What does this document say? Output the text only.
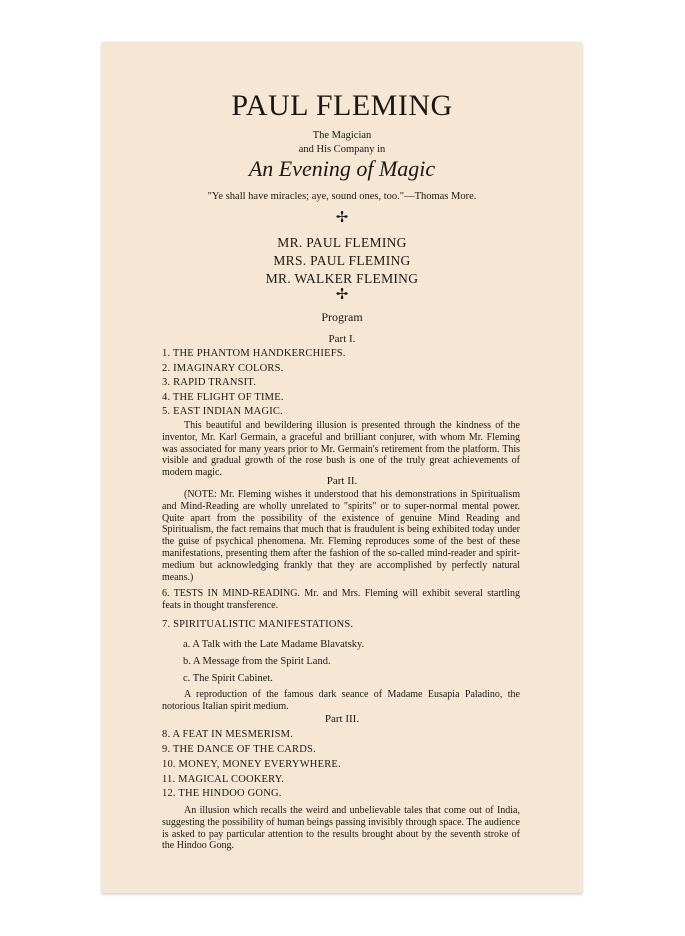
PAUL FLEMING
The Magician
and His Company in
An Evening of Magic
"Ye shall have miracles; aye, sound ones, too."—Thomas More.
✢
MR. PAUL FLEMING
MRS. PAUL FLEMING
MR. WALKER FLEMING
✢
Program
Part I.
1. THE PHANTOM HANDKERCHIEFS.
2. IMAGINARY COLORS.
3. RAPID TRANSIT.
4. THE FLIGHT OF TIME.
5. EAST INDIAN MAGIC.
This beautiful and bewildering illusion is presented through the kindness of the inventor, Mr. Karl Germain, a graceful and brilliant conjurer, with whom Mr. Fleming was associated for many years prior to Mr. Germain's retirement from the platform. This visible and gradual growth of the rose bush is one of the truly great achievements of modern magic.
Part II.
(NOTE: Mr. Fleming wishes it understood that his demonstrations in Spiritualism and Mind-Reading are wholly unrelated to "spirits" or to super-normal mental power. Quite apart from the possibility of the existence of genuine Mind Reading and Spiritualism, the fact remains that much that is fraudulent is being exhibited today under the guise of psychical phenomena. Mr. Fleming reproduces some of the best of these manifestations, presenting them after the fashion of the so-called mind-reader and spirit-medium but acknowledging frankly that they are accomplished by perfectly natural means.)
6. TESTS IN MIND-READING. Mr. and Mrs. Fleming will exhibit several startling feats in thought transference.
7. SPIRITUALISTIC MANIFESTATIONS.
a. A Talk with the Late Madame Blavatsky.
b. A Message from the Spirit Land.
c. The Spirit Cabinet.
A reproduction of the famous dark seance of Madame Eusapia Paladino, the notorious Italian spirit medium.
Part III.
8. A FEAT IN MESMERISM.
9. THE DANCE OF THE CARDS.
10. MONEY, MONEY EVERYWHERE.
11. MAGICAL COOKERY.
12. THE HINDOO GONG.
An illusion which recalls the weird and unbelievable tales that come out of India, suggesting the possibility of human beings passing invisibly through space. The audience is asked to pay particular attention to the results brought about by the seventh stroke of the Hindoo Gong.
